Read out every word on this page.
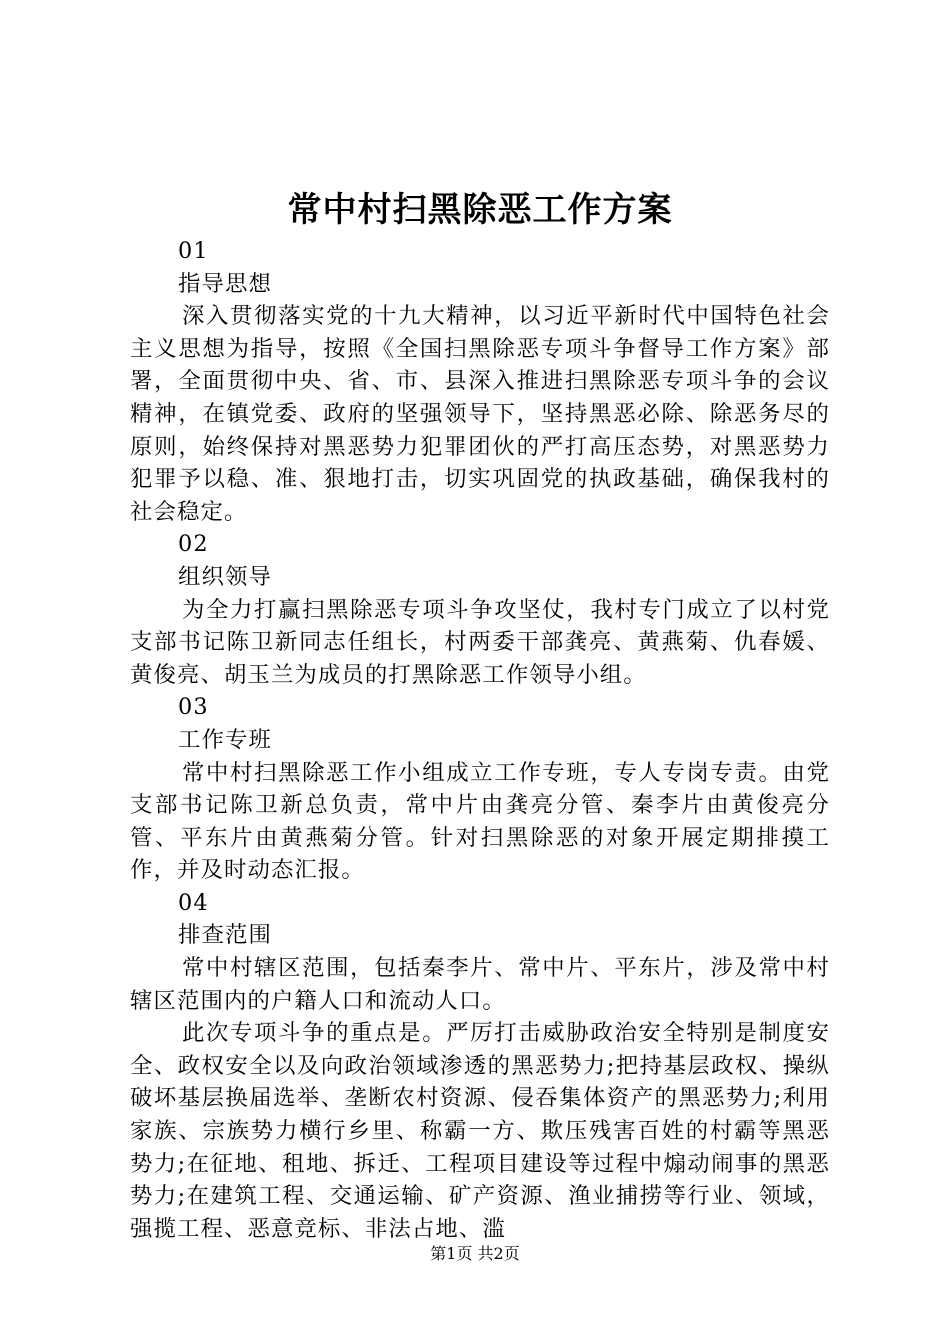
常中村扫黑除恶工作方案

01

指导思想

深入贯彻落实党的十九大精神，以习近平新时代中国特色社会主义思想为指导，按照《全国扫黑除恶专项斗争督导工作方案》部署，全面贯彻中央、省、市、县深入推进扫黑除恶专项斗争的会议精神，在镇党委、政府的坚强领导下，坚持黑恶必除、除恶务尽的原则，始终保持对黑恶势力犯罪团伙的严打高压态势，对黑恶势力犯罪予以稳、准、狠地打击，切实巩固党的执政基础，确保我村的社会稳定。

02

组织领导

为全力打赢扫黑除恶专项斗争攻坚仗，我村专门成立了以村党支部书记陈卫新同志任组长，村两委干部龚亮、黄燕菊、仇春媛、黄俊亮、胡玉兰为成员的打黑除恶工作领导小组。

03

工作专班

常中村扫黑除恶工作小组成立工作专班，专人专岗专责。由党支部书记陈卫新总负责，常中片由龚亮分管、秦李片由黄俊亮分管、平东片由黄燕菊分管。针对扫黑除恶的对象开展定期排摸工作，并及时动态汇报。

04

排查范围

常中村辖区范围，包括秦李片、常中片、平东片，涉及常中村辖区范围内的户籍人口和流动人口。

此次专项斗争的重点是。严厉打击威胁政治安全特别是制度安全、政权安全以及向政治领域渗透的黑恶势力;把持基层政权、操纵破坏基层换届选举、垄断农村资源、侵吞集体资产的黑恶势力;利用家族、宗族势力横行乡里、称霸一方、欺压残害百姓的村霸等黑恶势力;在征地、租地、拆迁、工程项目建设等过程中煽动闹事的黑恶势力;在建筑工程、交通运输、矿产资源、渔业捕捞等行业、领域，强揽工程、恶意竞标、非法占地、滥

第1页 共2页
